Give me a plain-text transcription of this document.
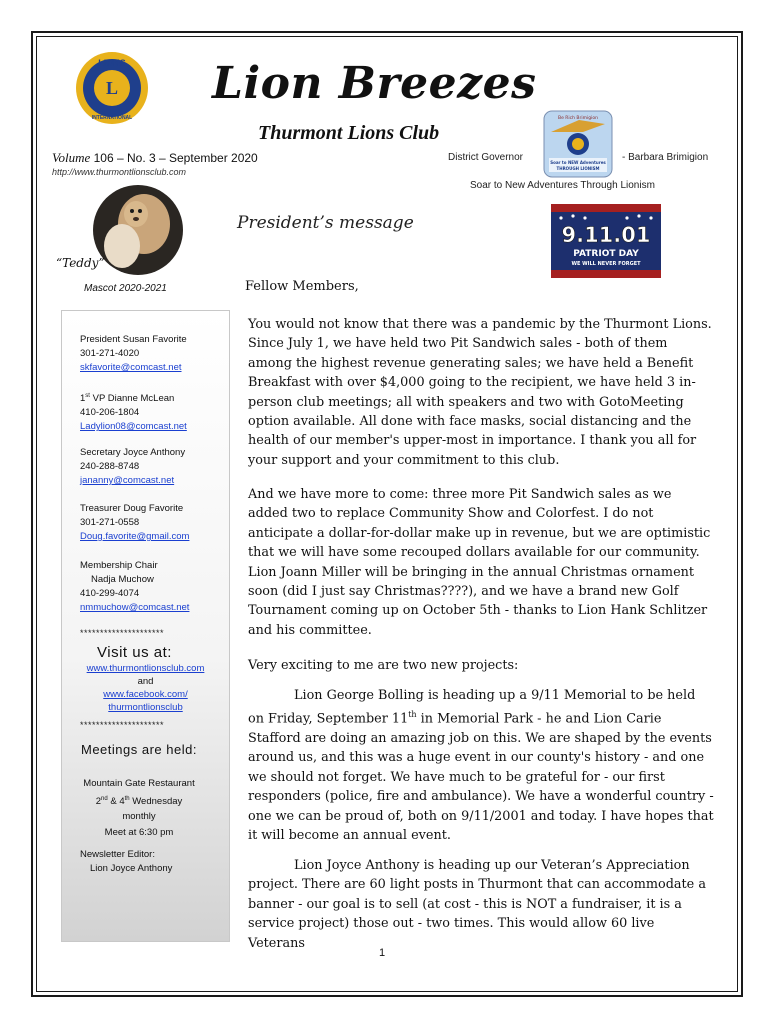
LIONS
INTERNATIONAL
L Lion Breezes
Thurmont Lions Club
Volume 106 – No. 3 – September 2020
http://www.thurmontlionsclub.com
District Governor	- Barbara Brimigion
Be Rich Brimigion
Soar to NEW Adventures
THROUGH LIONISM
Soar to New Adventures Through Lionism
“Teddy”
Mascot 2020-2021
President’s message	9.11.01
PATRIOT DAY
WE WILL NEVER FORGET
Fellow Members,
President Susan Favorite
301-271-4020
skfavorite@comcast.net
1st VP Dianne McLean
410-206-1804
Ladylion08@comcast.net
Secretary Joyce Anthony
240-288-8748
jananny@comcast.net
Treasurer Doug Favorite
301-271-0558
Doug.favorite@gmail.com
Membership Chair
Nadja Muchow
410-299-4074
nmmuchow@comcast.net
*********************
Visit us at:
www.thurmontlionsclub.com
and
www.facebook.com/
thurmontlionsclub
*********************
Meetings are held:
Mountain Gate Restaurant
2nd & 4th Wednesday
monthly
Meet at 6:30 pm
Newsletter Editor:
Lion Joyce Anthony

You would not know that there was a pandemic by the Thurmont Lions. Since July 1, we have held two Pit Sandwich sales - both of them among the highest revenue generating sales; we have held a Benefit Breakfast with over $4,000 going to the recipient, we have held 3 in-person club meetings; all with speakers and two with GotoMeeting option available. All done with face masks, social distancing and the health of our member's upper-most in importance. I thank you all for your support and your commitment to this club.

And we have more to come: three more Pit Sandwich sales as we added two to replace Community Show and Colorfest. I do not anticipate a dollar-for-dollar make up in revenue, but we are optimistic that we will have some recouped dollars available for our community. Lion Joann Miller will be bringing in the annual Christmas ornament soon (did I just say Christmas????), and we have a brand new Golf Tournament coming up on October 5th - thanks to Lion Hank Schlitzer and his committee.

Very exciting to me are two new projects:

Lion George Bolling is heading up a 9/11 Memorial to be held on Friday, September 11th in Memorial Park - he and Lion Carie Stafford are doing an amazing job on this. We are shaped by the events around us, and this was a huge event in our county's history - and one we should not forget. We have much to be grateful for - our first responders (police, fire and ambulance). We have a wonderful country - one we can be proud of, both on 9/11/2001 and today. I have hopes that it will become an annual event.

Lion Joyce Anthony is heading up our Veteran’s Appreciation project. There are 60 light posts in Thurmont that can accommodate a banner - our goal is to sell (at cost - this is NOT a fundraiser, it is a service project) those out - two times. This would allow 60 live Veterans

1
